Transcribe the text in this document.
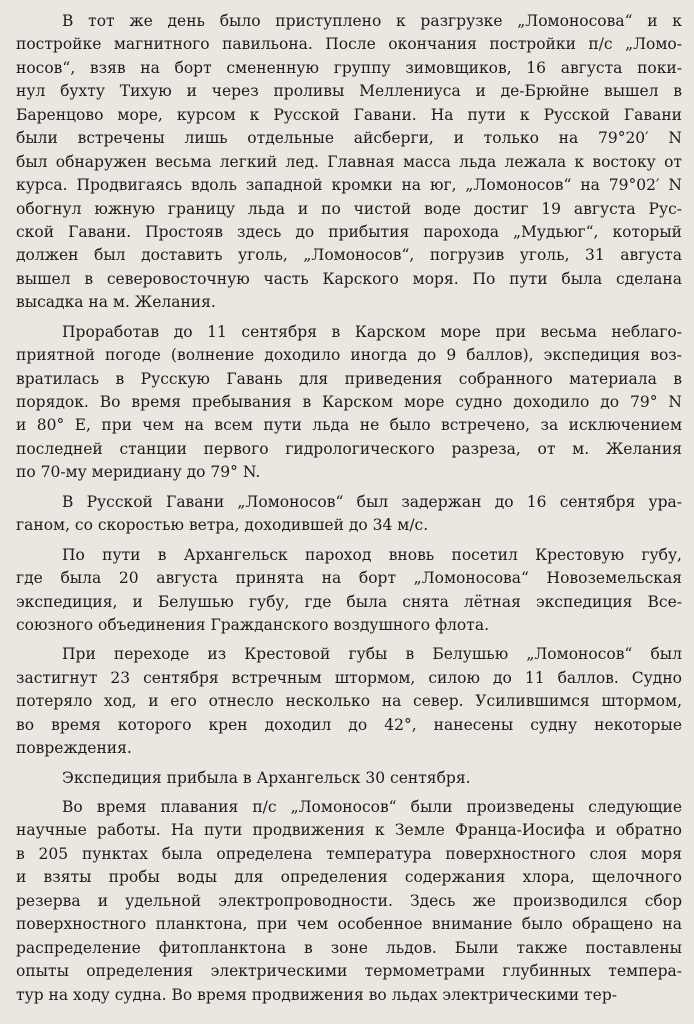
В тот же день было приступлено к разгрузке „Ломоносова“ и к
постройке магнитного павильона. После окончания постройки п/с „Ломо-
носов“, взяв на борт смененную группу зимовщиков, 16 августа поки-
нул бухту Тихую и через проливы Меллениуса и де-Брюйне вышел в
Баренцово море, курсом к Русской Гавани. На пути к Русской Гавани
были встречены лишь отдельные айсберги, и только на 79°20′ N
был обнаружен весьма легкий лед. Главная масса льда лежала к востоку от
курса. Продвигаясь вдоль западной кромки на юг, „Ломоносов“ на 79°02′ N
обогнул южную границу льда и по чистой воде достиг 19 августа Рус-
ской Гавани. Простояв здесь до прибытия парохода „Мудьюг“, который
должен был доставить уголь, „Ломоносов“, погрузив уголь, 31 августа
вышел в северовосточную часть Карского моря. По пути была сделана
высадка на м. Желания.
Проработав до 11 сентября в Карском море при весьма неблаго-
приятной погоде (волнение доходило иногда до 9 баллов), экспедиция воз-
вратилась в Русскую Гавань для приведения собранного материала в
порядок. Во время пребывания в Карском море судно доходило до 79° N
и 80° E, при чем на всем пути льда не было встречено, за исключением
последней станции первого гидрологического разреза, от м. Желания
по 70-му меридиану до 79° N.
В Русской Гавани „Ломоносов“ был задержан до 16 сентября ура-
ганом, со скоростью ветра, доходившей до 34 м/с.
По пути в Архангельск пароход вновь посетил Крестовую губу,
где была 20 августа принята на борт „Ломоносова“ Новоземельская
экспедиция, и Белушью губу, где была снята лётная экспедиция Все-
союзного объединения Гражданского воздушного флота.
При переходе из Крестовой губы в Белушью „Ломоносов“ был
застигнут 23 сентября встречным штормом, силою до 11 баллов. Судно
потеряло ход, и его отнесло несколько на север. Усилившимся штормом,
во время которого крен доходил до 42°, нанесены судну некоторые
повреждения.
Экспедиция прибыла в Архангельск 30 сентября.
Во время плавания п/с „Ломоносов“ были произведены следующие
научные работы. На пути продвижения к Земле Франца-Иосифа и обратно
в 205 пунктах была определена температура поверхностного слоя моря
и взяты пробы воды для определения содержания хлора, щелочного
резерва и удельной электропроводности. Здесь же производился сбор
поверхностного планктона, при чем особенное внимание было обращено на
распределение фитопланктона в зоне льдов. Были также поставлены
опыты определения электрическими термометрами глубинных темпера-
тур на ходу судна. Во время продвижения во льдах электрическими тер-
